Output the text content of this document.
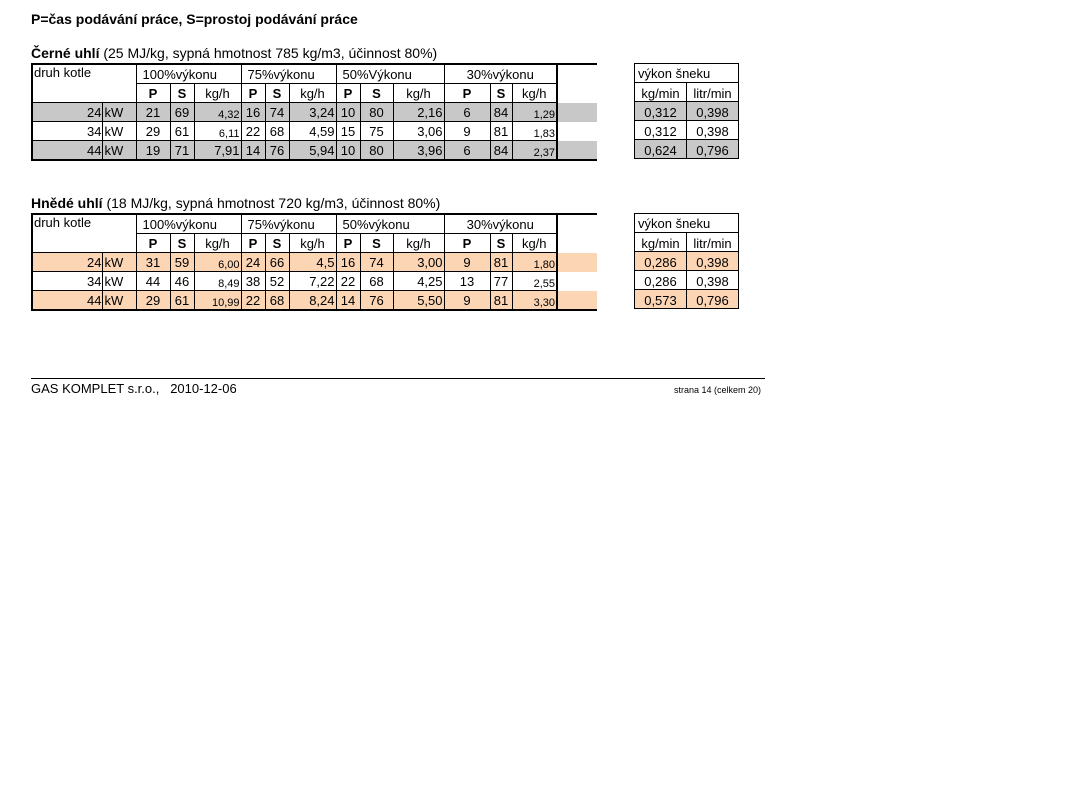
P=čas podávání práce, S=prostoj podávání práce
Černé uhlí (25 MJ/kg, sypná hmotnost 785 kg/m3, účinnost 80%)
druh kotle		100%výkonu			75%výkonu			50%Výkonu			30%výkonu			
		P	S	kg/h	P	S	kg/h	P	S	kg/h	P	S	kg/h	
24	kW	21	69	4,32	16	74	3,24	10	80	2,16	6	84	1,29	
34	kW	29	61	6,11	22	68	4,59	15	75	3,06	9	81	1,83	
44	kW	19	71	7,91	14	76	5,94	10	80	3,96	6	84	2,37	
výkon šneku	
kg/min	litr/min
0,312	0,398
0,312	0,398
0,624	0,796
Hnědé uhlí (18 MJ/kg, sypná hmotnost 720 kg/m3, účinnost 80%)
druh kotle		100%výkonu			75%výkonu			50%výkonu			30%výkonu			
		P	S	kg/h	P	S	kg/h	P	S	kg/h	P	S	kg/h	
24	kW	31	59	6,00	24	66	4,5	16	74	3,00	9	81	1,80	
34	kW	44	46	8,49	38	52	7,22	22	68	4,25	13	77	2,55	
44	kW	29	61	10,99	22	68	8,24	14	76	5,50	9	81	3,30	
výkon šneku	
kg/min	litr/min
0,286	0,398
0,286	0,398
0,573	0,796
GAS KOMPLET s.r.o.,   2010-12-06	strana 14 (celkem 20)
